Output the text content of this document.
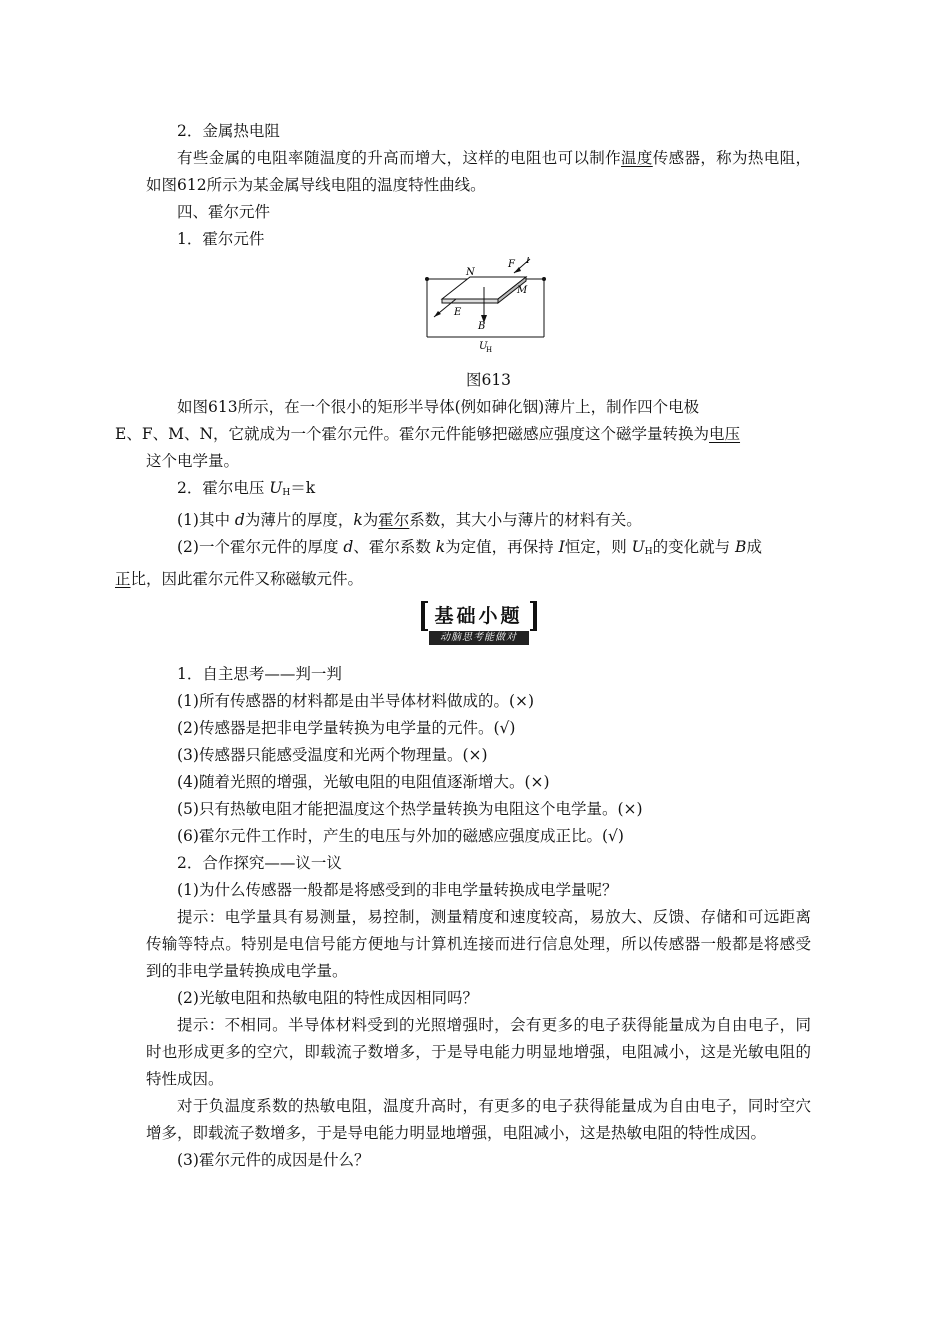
2．金属热电阻
有些金属的电阻率随温度的升高而增大，这样的电阻也可以制作温度传感器，称为热电阻，如图612所示为某金属导线电阻的温度特性曲线。
四、霍尔元件
1．霍尔元件
N
F I
M
E
B
U
H
图613
如图613所示，在一个很小的矩形半导体(例如砷化铟)薄片上，制作四个电极
E、F、M、N，它就成为一个霍尔元件。霍尔元件能够把磁感应强度这个磁学量转换为电压
这个电学量。
2．霍尔电压 $U_H=k$
(1)其中 d为薄片的厚度，k为霍尔系数，其大小与薄片的材料有关。
(2)一个霍尔元件的厚度 d、霍尔系数 k为定值，再保持 I恒定，则 $U_H$的变化就与 B成
正比，因此霍尔元件又称磁敏元件。
基础小题
动脑思考能做对
1．自主思考——判一判
(1)所有传感器的材料都是由半导体材料做成的。(×)
(2)传感器是把非电学量转换为电学量的元件。(√)
(3)传感器只能感受温度和光两个物理量。(×)
(4)随着光照的增强，光敏电阻的电阻值逐渐增大。(×)
(5)只有热敏电阻才能把温度这个热学量转换为电阻这个电学量。(×)
(6)霍尔元件工作时，产生的电压与外加的磁感应强度成正比。(√)
2．合作探究——议一议
(1)为什么传感器一般都是将感受到的非电学量转换成电学量呢？
提示：电学量具有易测量，易控制，测量精度和速度较高，易放大、反馈、存储和可远距离传输等特点。特别是电信号能方便地与计算机连接而进行信息处理，所以传感器一般都是将感受到的非电学量转换成电学量。
(2)光敏电阻和热敏电阻的特性成因相同吗？
提示：不相同。半导体材料受到的光照增强时，会有更多的电子获得能量成为自由电子，同时也形成更多的空穴，即载流子数增多，于是导电能力明显地增强，电阻减小，这是光敏电阻的特性成因。
对于负温度系数的热敏电阻，温度升高时，有更多的电子获得能量成为自由电子，同时空穴增多，即载流子数增多，于是导电能力明显地增强，电阻减小，这是热敏电阻的特性成因。
(3)霍尔元件的成因是什么？
